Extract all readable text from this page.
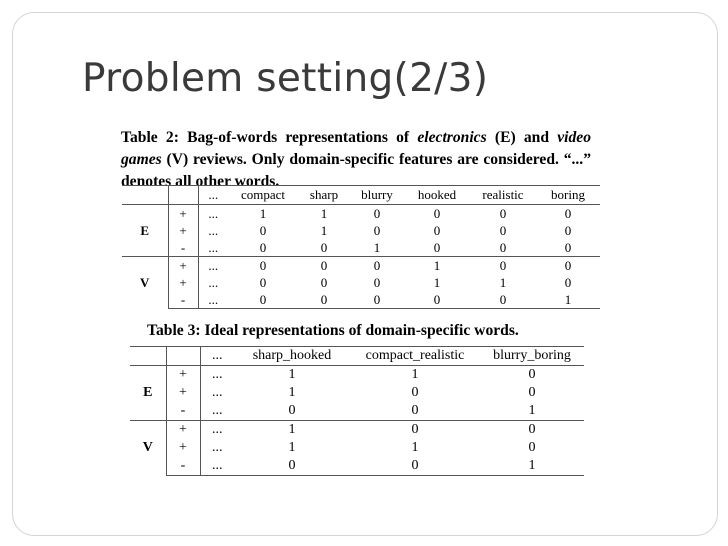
Problem setting(2/3)

Table 2: Bag-of-words representations of electronics (E) and video games (V) reviews. Only domain-specific features are considered. “...” denotes all other words.

		...	compact	sharp	blurry	hooked	realistic	boring
E	+	...	1	1	0	0	0	0
	+	...	0	1	0	0	0	0
	-	...	0	0	1	0	0	0
V	+	...	0	0	0	1	0	0
	+	...	0	0	0	1	1	0
	-	...	0	0	0	0	0	1

Table 3: Ideal representations of domain-specific words.

		...	sharp_hooked	compact_realistic	blurry_boring
E	+	...	1	1	0
	+	...	1	0	0
	-	...	0	0	1
V	+	...	1	0	0
	+	...	1	1	0
	-	...	0	0	1
